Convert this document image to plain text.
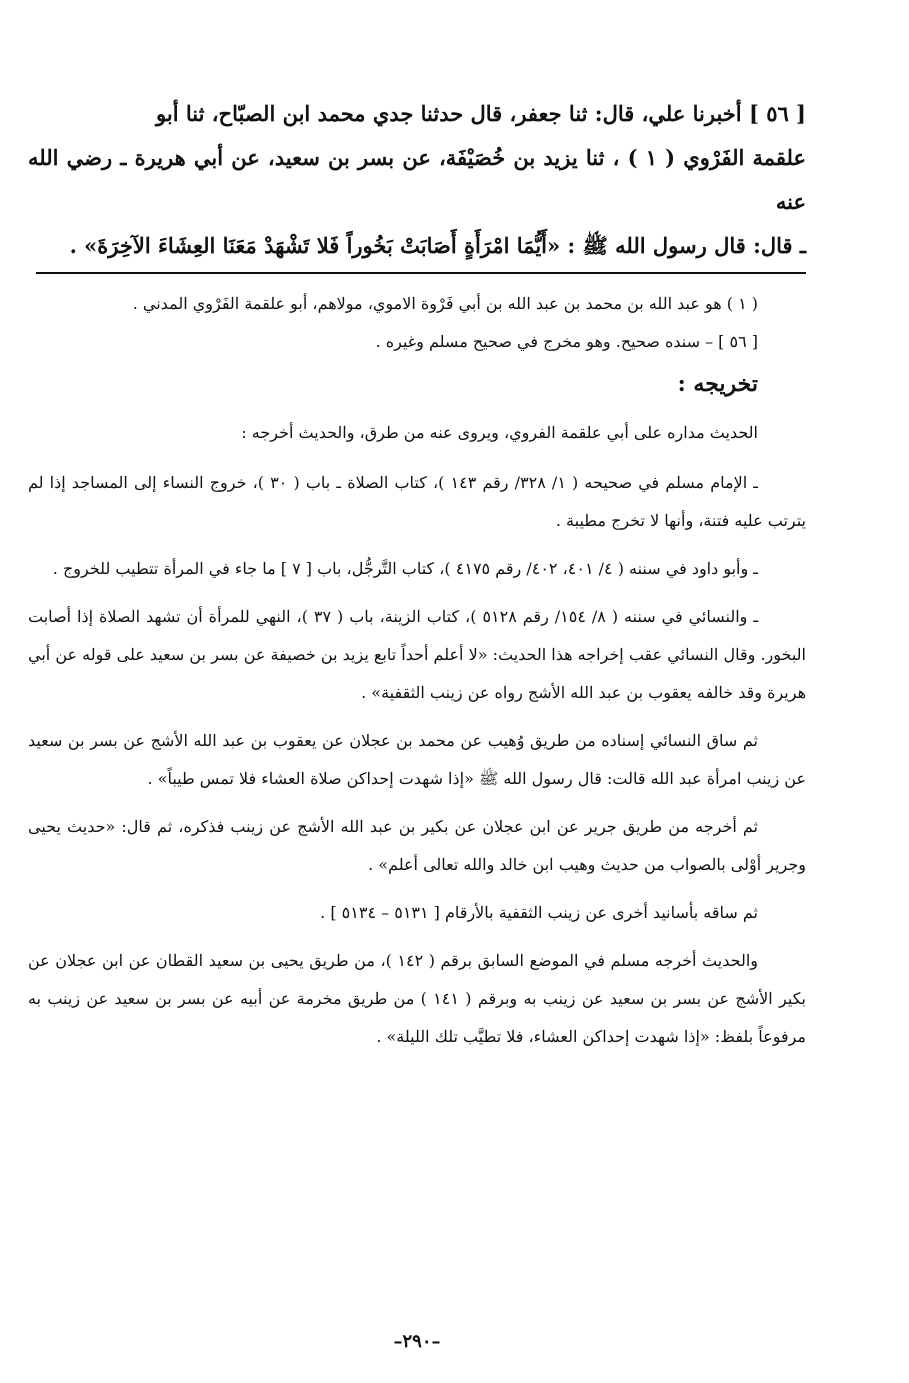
[ ٥٦ ] أخبرنا علي، قال: ثنا جعفر، قال حدثنا جدي محمد ابن الصبّاح، ثنا أبو

علقمة الفَرْوي ( ١ ) ، ثنا يزيد بن خُصَيْفَة، عن بسر بن سعيد، عن أبي هريرة ـ رضي الله عنه

ـ قال: قال رسول الله ﷺ : «أَيُّمَا امْرَأَةٍ أَصَابَتْ بَخُوراً فَلا تَشْهَدْ مَعَنَا العِشَاءَ الآخِرَةَ» .

( ١ ) هو عبد الله بن محمد بن عبد الله بن أبي فَرْوة الاموي، مولاهم، أبو علقمة الفَرْوي المدني .

[ ٥٦ ] – سنده صحيح. وهو مخرج في صحيح مسلم وغيره .

تخريجه :

الحديث مداره على أبي علقمة الفروي، ويروى عنه من طرق، والحديث أخرجه :

ـ الإمام مسلم في صحيحه ( ١/ ٣٢٨/ رقم ١٤٣ )، كتاب الصلاة ـ باب ( ٣٠ )، خروج النساء إلى المساجد إذا لم يترتب عليه فتنة، وأنها لا تخرج مطيبة .

ـ وأبو داود في سننه ( ٤/ ٤٠١، ٤٠٢/ رقم ٤١٧٥ )، كتاب التَّرجُّل، باب [ ٧ ] ما جاء في المرأة تتطيب للخروج .

ـ والنسائي في سننه ( ٨/ ١٥٤/ رقم ٥١٢٨ )، كتاب الزينة، باب ( ٣٧ )، النهي للمرأة أن تشهد الصلاة إذا أصابت البخور. وقال النسائي عقب إخراجه هذا الحديث: «لا أعلم أحداً تابع يزيد بن خصيفة عن بسر بن سعيد على قوله عن أبي هريرة وقد خالفه يعقوب بن عبد الله الأشج رواه عن زينب الثقفية» .

ثم ساق النسائي إسناده من طريق وُهيب عن محمد بن عجلان عن يعقوب بن عبد الله الأشج عن بسر بن سعيد عن زينب امرأة عبد الله قالت: قال رسول الله ﷺ «إذا شهدت إحداكن صلاة العشاء فلا تمس طيباً» .

ثم أخرجه من طريق جرير عن ابن عجلان عن بكير بن عبد الله الأشج عن زينب فذكره، ثم قال: «حديث يحيى وجرير أوْلى بالصواب من حديث وهيب ابن خالد والله تعالى أعلم» .

ثم ساقه بأسانيد أخرى عن زينب الثقفية بالأرقام [ ٥١٣١ – ٥١٣٤ ] .

والحديث أخرجه مسلم في الموضع السابق برقم ( ١٤٢ )، من طريق يحيى بن سعيد القطان عن ابن عجلان عن بكير الأشج عن بسر بن سعيد عن زينب به وبرقم ( ١٤١ ) من طريق مخرمة عن أبيه عن بسر بن سعيد عن زينب به مرفوعاً بلفظ: «إذا شهدت إحداكن العشاء، فلا تطيَّب تلك الليلة» .

–٢٩٠–
